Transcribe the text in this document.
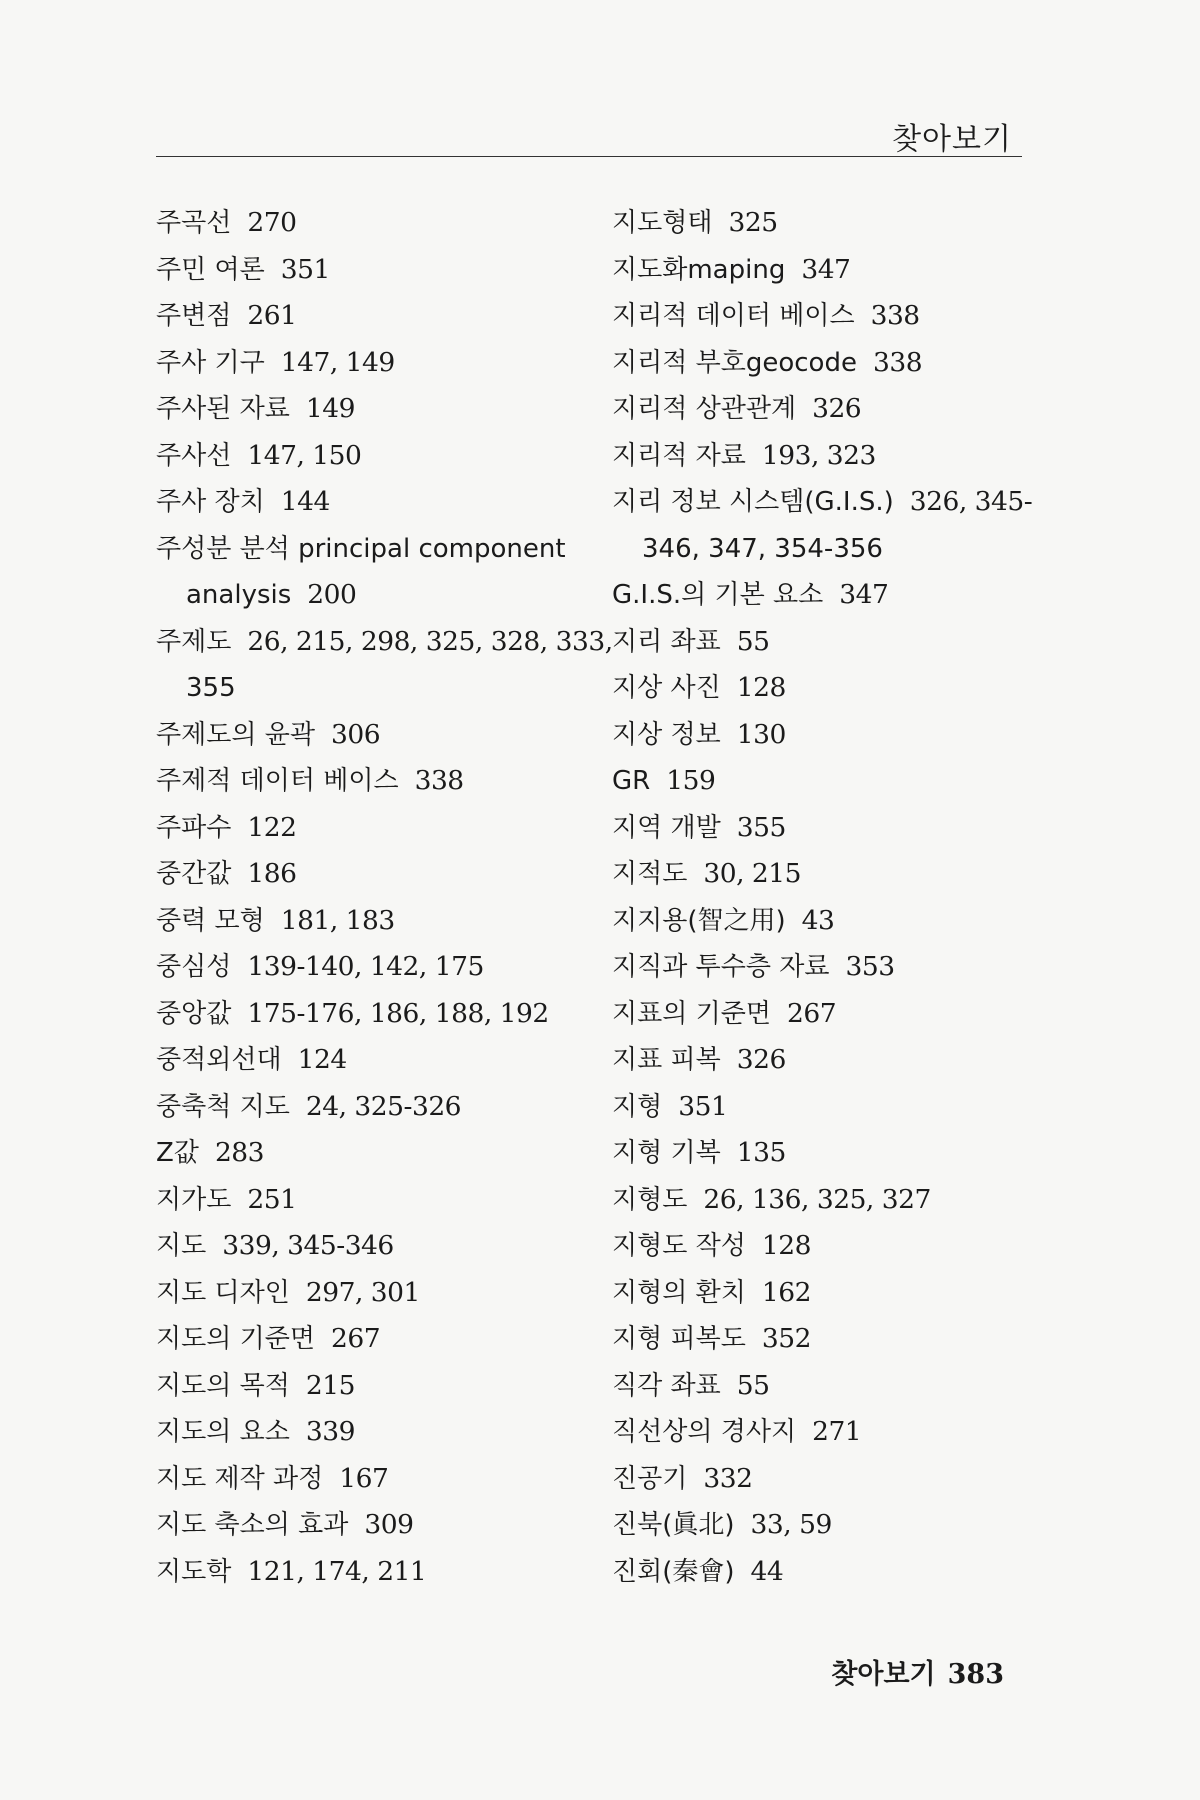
찾아보기
주곡선 270
주민 여론 351
주변점 261
주사 기구 147, 149
주사된 자료 149
주사선 147, 150
주사 장치 144
주성분 분석 principal component
analysis 200
주제도 26, 215, 298, 325, 328, 333,
355
주제도의 윤곽 306
주제적 데이터 베이스 338
주파수 122
중간값 186
중력 모형 181, 183
중심성 139-140, 142, 175
중앙값 175-176, 186, 188, 192
중적외선대 124
중축척 지도 24, 325-326
Z값 283
지가도 251
지도 339, 345-346
지도 디자인 297, 301
지도의 기준면 267
지도의 목적 215
지도의 요소 339
지도 제작 과정 167
지도 축소의 효과 309
지도학 121, 174, 211
지도형태 325
지도화maping 347
지리적 데이터 베이스 338
지리적 부호geocode 338
지리적 상관관계 326
지리적 자료 193, 323
지리 정보 시스템(G.I.S.) 326, 345-
346, 347, 354-356
G.I.S.의 기본 요소 347
지리 좌표 55
지상 사진 128
지상 정보 130
GR 159
지역 개발 355
지적도 30, 215
지지용(智之用) 43
지직과 투수층 자료 353
지표의 기준면 267
지표 피복 326
지형 351
지형 기복 135
지형도 26, 136, 325, 327
지형도 작성 128
지형의 환치 162
지형 피복도 352
직각 좌표 55
직선상의 경사지 271
진공기 332
진북(眞北) 33, 59
진회(秦會) 44
찾아보기 383
